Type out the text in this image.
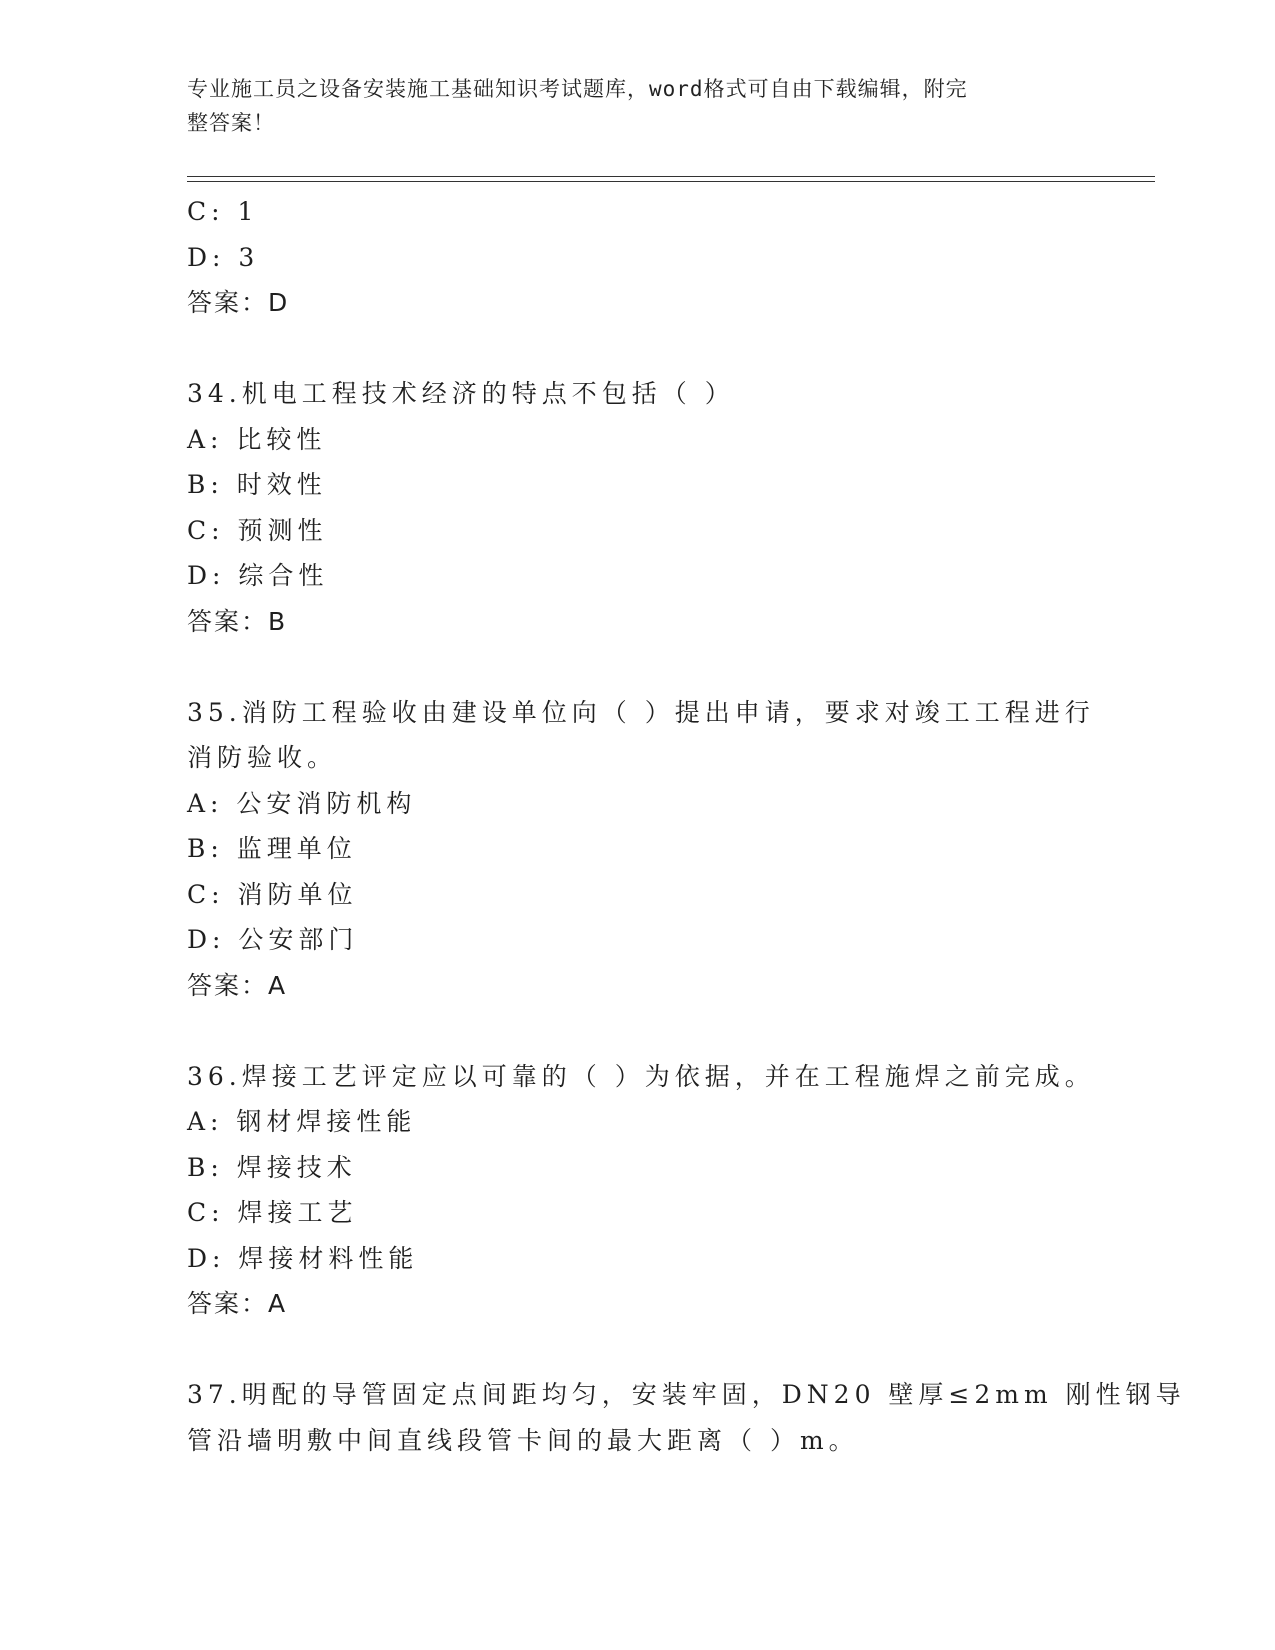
专业施工员之设备安装施工基础知识考试题库，word格式可自由下载编辑，附完
整答案！
C: 1
D: 3
答案：D
34.机电工程技术经济的特点不包括（ ）
A: 比较性
B: 时效性
C: 预测性
D: 综合性
答案：B
35.消防工程验收由建设单位向（ ）提出申请，要求对竣工工程进行
消防验收。
A: 公安消防机构
B: 监理单位
C: 消防单位
D: 公安部门
答案：A
36.焊接工艺评定应以可靠的（ ）为依据，并在工程施焊之前完成。
A: 钢材焊接性能
B: 焊接技术
C: 焊接工艺
D: 焊接材料性能
答案：A
37.明配的导管固定点间距均匀，安装牢固，DN20 壁厚≤2mm 刚性钢导
管沿墙明敷中间直线段管卡间的最大距离（ ）m。
